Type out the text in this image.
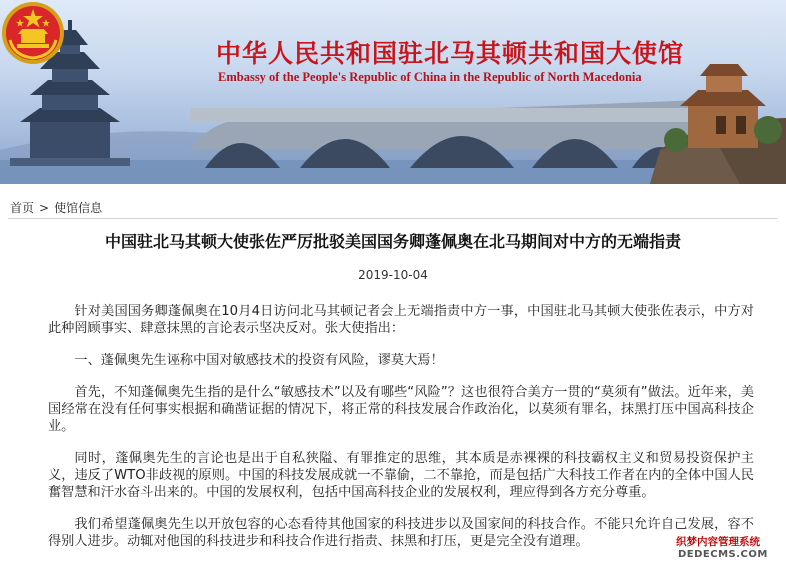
中华人民共和国驻北马其顿共和国大使馆
Embassy of the People's Republic of China in the Republic of North Macedonia
首页 > 使馆信息
中国驻北马其顿大使张佐严厉批驳美国国务卿蓬佩奥在北马期间对中方的无端指责
2019-10-04

针对美国国务卿蓬佩奥在10月4日访问北马其顿记者会上无端指责中方一事，中国驻北马其顿大使张佐表示，中方对此种罔顾事实、肆意抹黑的言论表示坚决反对。张大使指出：

一、蓬佩奥先生诬称中国对敏感技术的投资有风险，谬莫大焉！

首先，不知蓬佩奥先生指的是什么“敏感技术”以及有哪些“风险”？这也很符合美方一贯的“莫须有”做法。近年来，美国经常在没有任何事实根据和确凿证据的情况下，将正常的科技发展合作政治化，以莫须有罪名，抹黑打压中国高科技企业。

同时，蓬佩奥先生的言论也是出于自私狭隘、有罪推定的思维，其本质是赤裸裸的科技霸权主义和贸易投资保护主义，违反了WTO非歧视的原则。中国的科技发展成就一不靠偷，二不靠抢，而是包括广大科技工作者在内的全体中国人民奮智慧和汗水奋斗出来的。中国的发展权利，包括中国高科技企业的发展权利，理应得到各方充分尊重。

我们希望蓬佩奥先生以开放包容的心态看待其他国家的科技进步以及国家间的科技合作。不能只允许自己发展，容不得别人进步。动辄对他国的科技进步和科技合作进行指责、抹黑和打压，更是完全没有道理。	织梦内容管理系统
DEDECMS.COM
